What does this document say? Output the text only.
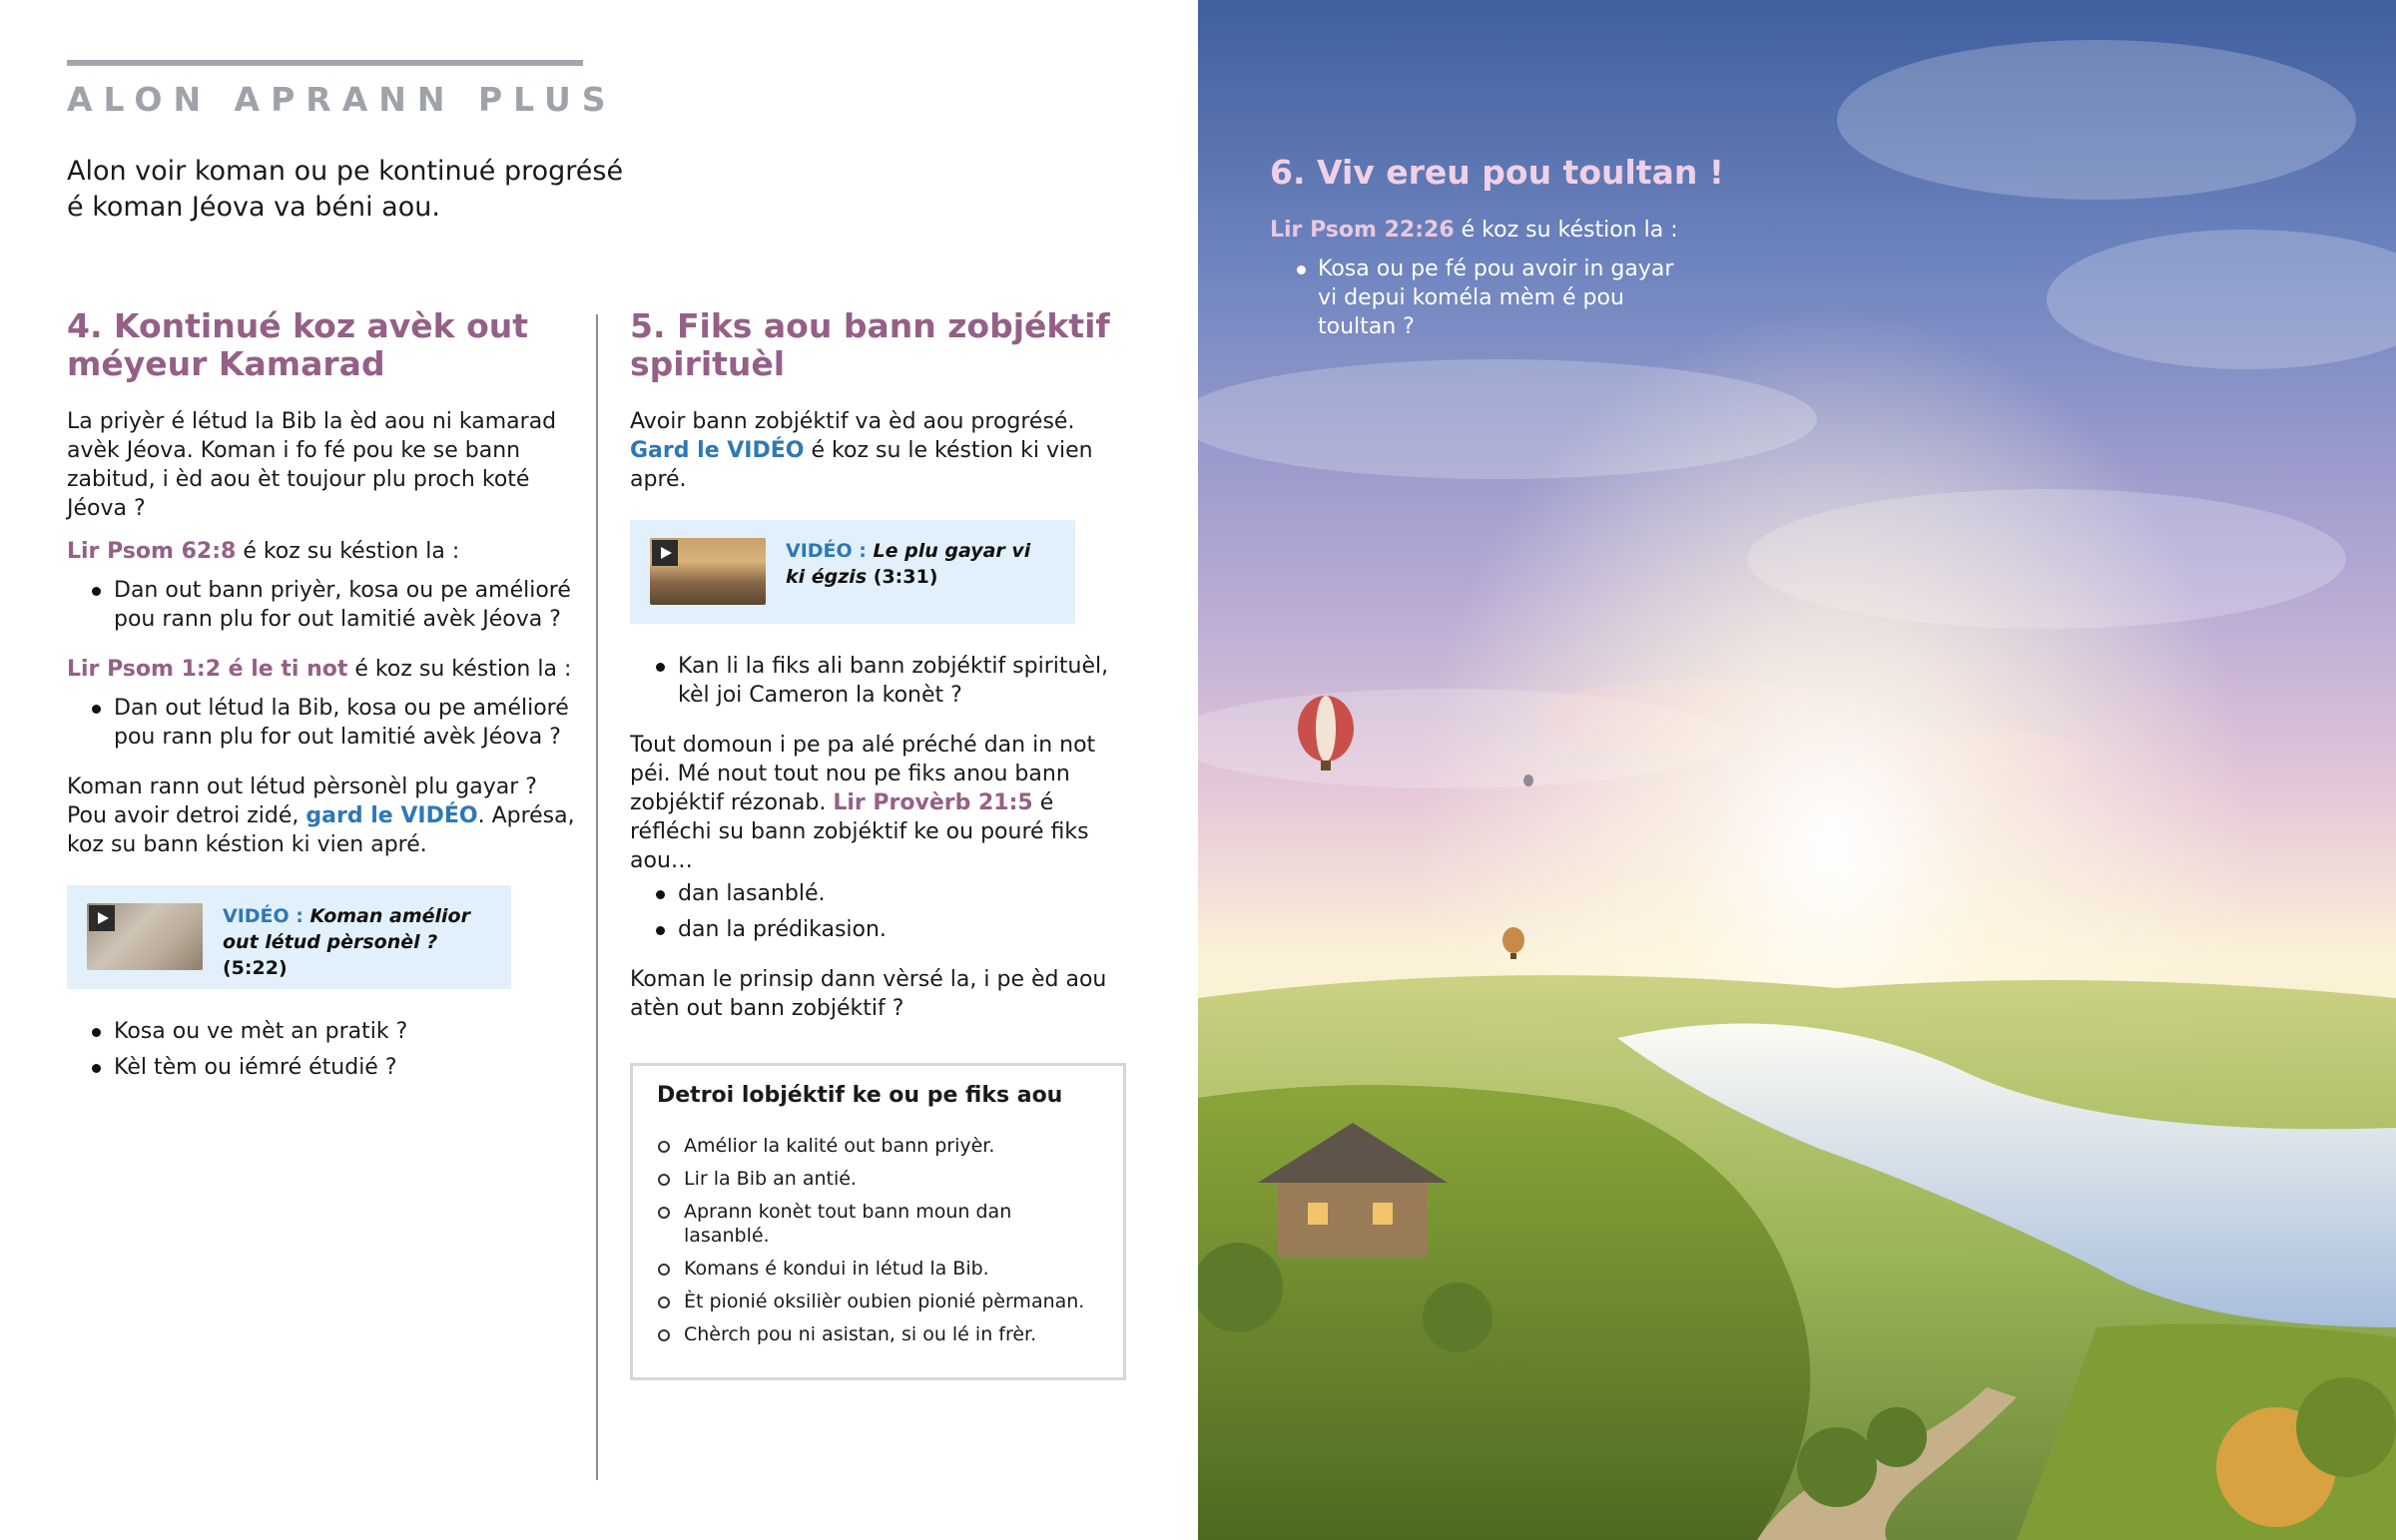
ALON APRANN PLUS
Alon voir koman ou pe kontinué progrésé é koman Jéova va béni aou.
4. Kontinué koz avèk out méyeur Kamarad

La priyèr é létud la Bib la èd aou ni kamarad avèk Jéova. Koman i fo fé pou ke se bann zabitud, i èd aou èt toujour plu proch koté Jéova ?

Lir Psom 62:8 é koz su késtion la :

Dan out bann priyèr, kosa ou pe amélioré pou rann plu for out lamitié avèk Jéova ?

Lir Psom 1:2 é le ti not é koz su késtion la :

Dan out létud la Bib, kosa ou pe amélioré pou rann plu for out lamitié avèk Jéova ?

Koman rann out létud pèrsonèl plu gayar ? Pou avoir detroi zidé, gard le VIDÉO. Aprésa, koz su bann késtion ki vien apré.

VIDÉO : Koman amélior out létud pèrsonèl ? (5:22)
Kosa ou ve mèt an pratik ?
Kèl tèm ou iémré étudié ?
5. Fiks aou bann zobjéktif spirituèl

Avoir bann zobjéktif va èd aou progrésé. Gard le VIDÉO é koz su le késtion ki vien apré.

VIDÉO : Le plu gayar vi ki égzis (3:31)
Kan li la fiks ali bann zobjéktif spirituèl, kèl joi Cameron la konèt ?

Tout domoun i pe pa alé préché dan in not péi. Mé nout tout nou pe fiks anou bann zobjéktif rézonab. Lir Provèrb 21:5 é réfléchi su bann zobjéktif ke ou pouré fiks aou…

dan lasanblé.
dan la prédikasion.

Koman le prinsip dann vèrsé la, i pe èd aou atèn out bann zobjéktif ?

Detroi lobjéktif ke ou pe fiks aou
Amélior la kalité out bann priyèr.
Lir la Bib an antié.
Aprann konèt tout bann moun dan lasanblé.
Komans é kondui in létud la Bib.
Èt pionié oksilièr oubien pionié pèrmanan.
Chèrch pou ni asistan, si ou lé in frèr.
6. Viv ereu pou toultan !

Lir Psom 22:26 é koz su késtion la :

Kosa ou pe fé pou avoir in gayar vi depui koméla mèm é pou toultan ?
